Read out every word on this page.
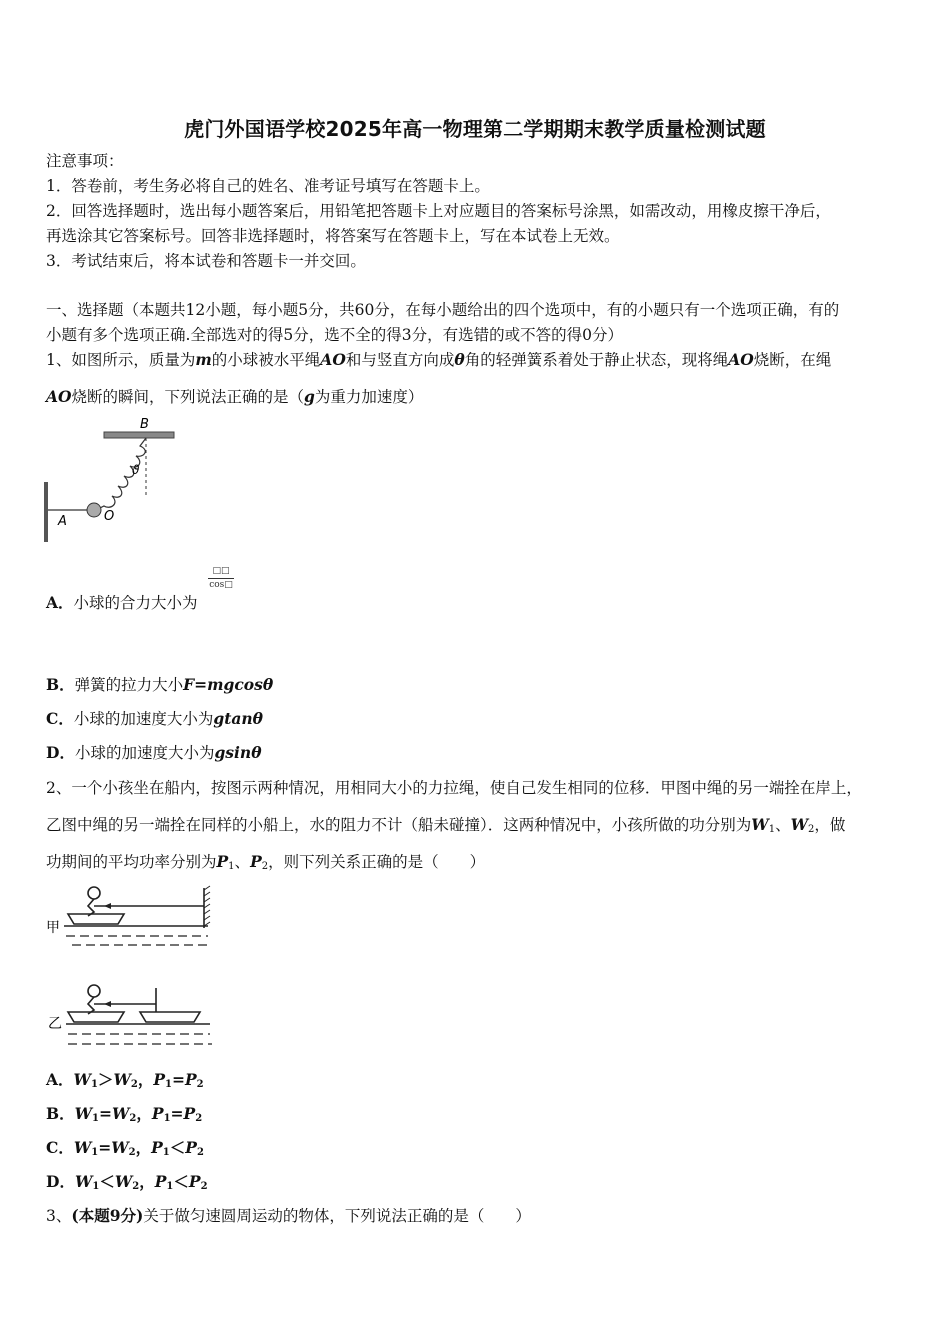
虎门外国语学校2025年高一物理第二学期期末教学质量检测试题
注意事项：
1．答卷前，考生务必将自己的姓名、准考证号填写在答题卡上。
2．回答选择题时，选出每小题答案后，用铅笔把答题卡上对应题目的答案标号涂黑，如需改动，用橡皮擦干净后，
再选涂其它答案标号。回答非选择题时，将答案写在答题卡上，写在本试卷上无效。
3．考试结束后，将本试卷和答题卡一并交回。
一、选择题（本题共12小题，每小题5分，共60分，在每小题给出的四个选项中，有的小题只有一个选项正确，有的
小题有多个选项正确.全部选对的得5分，选不全的得3分，有选错的或不答的得0分）
1、如图所示，质量为m的小球被水平绳AO和与竖直方向成θ角的轻弹簧系着处于静止状态，现将绳AO烧断，在绳
AO烧断的瞬间，下列说法正确的是（g为重力加速度）
B
ϑ
A	O
A．小球的合力大小为
□□
cos□
B．弹簧的拉力大小F=mgcosθ
C．小球的加速度大小为gtanθ
D．小球的加速度大小为gsinθ
2、一个小孩坐在船内，按图示两种情况，用相同大小的力拉绳，使自己发生相同的位移．甲图中绳的另一端拴在岸上，
乙图中绳的另一端拴在同样的小船上，水的阻力不计（船未碰撞）．这两种情况中，小孩所做的功分别为$W_1$、$W_2$，做
功期间的平均功率分别为$P_1$、$P_2$，则下列关系正确的是（　　）
甲
乙
A．$W_1>W_2$，$P_1=P_2$
B．$W_1=W_2$，$P_1=P_2$
C．$W_1=W_2$，$P_1<P_2$
D．$W_1<W_2$，$P_1<P_2$
3、(本题9分)关于做匀速圆周运动的物体，下列说法正确的是（　　）
